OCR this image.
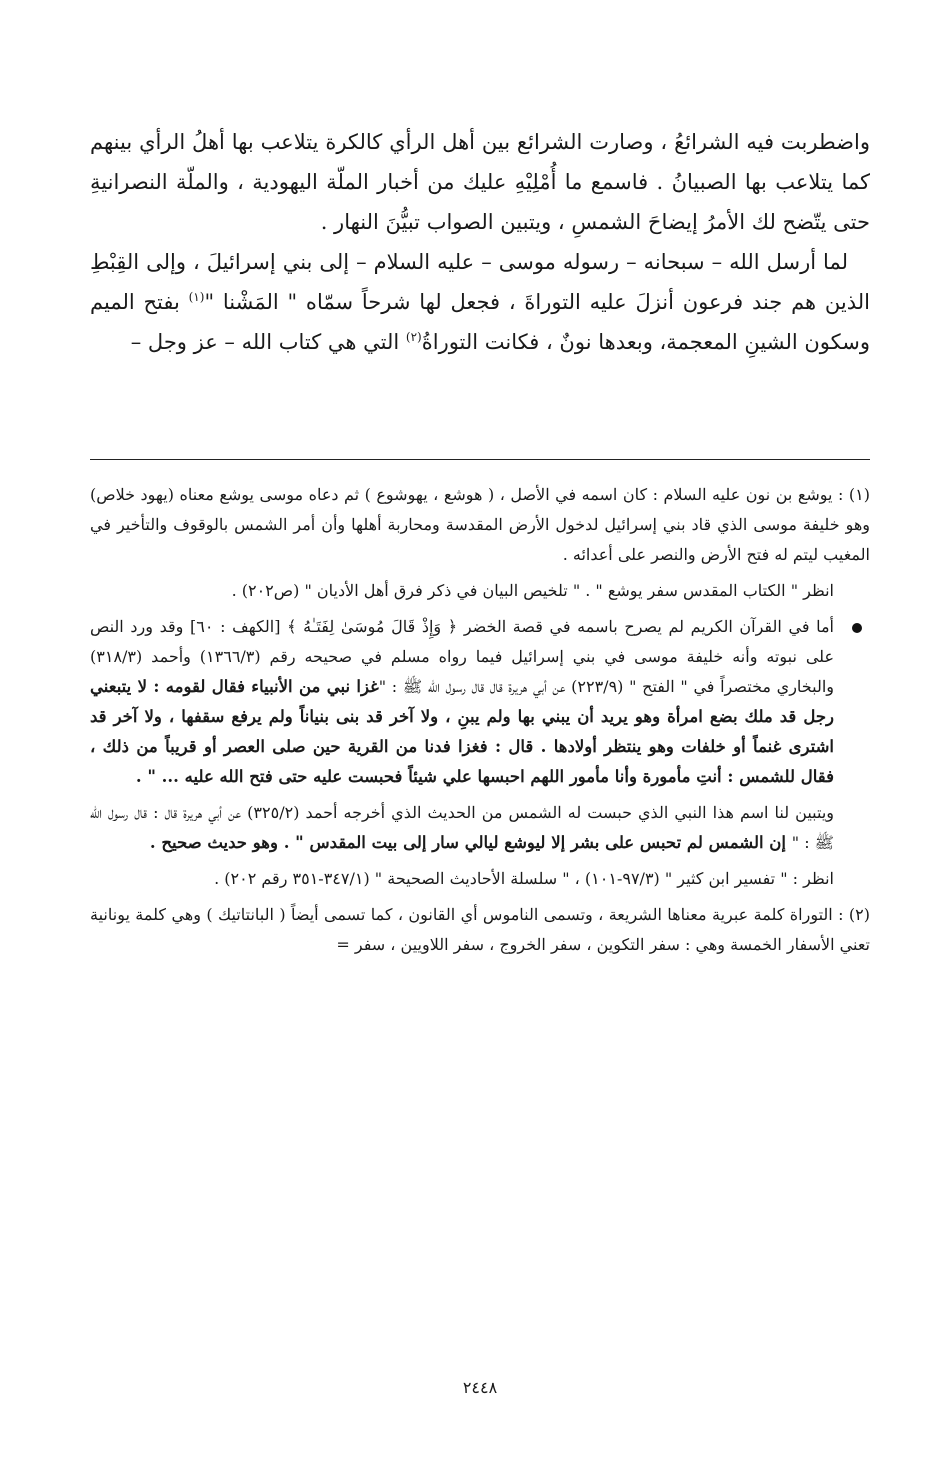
واضطربت فيه الشرائعُ ، وصارت الشرائع بين أهل الرأي كالكرة يتلاعب بها أهلُ الرأي بينهم كما يتلاعب بها الصبيانُ . فاسمع ما أُمْلِيْهِ عليك من أخبار الملّة اليهودية ، والملّة النصرانيةِ حتى يتّضح لك الأمرُ إيضاحَ الشمسِ ، ويتبين الصواب تبيُّنَ النهار .

لما أرسل الله – سبحانه – رسوله موسى – عليه السلام – إلى بني إسرائيلَ ، وإلى القِبْطِ الذين هم جند فرعون أنزلَ عليه التوراةَ ، فجعل لها شرحاً سمّاه " المَشْنا "$^{(١)}$ بفتح الميم وسكون الشينِ المعجمة، وبعدها نونٌ ، فكانت التوراةُ$^{(٢)}$ التي هي كتاب الله – عز وجل –

(١) : يوشع بن نون عليه السلام : كان اسمه في الأصل ، ( هوشع ، يهوشوع ) ثم دعاه موسى يوشع معناه (يهود خلاص) وهو خليفة موسى الذي قاد بني إسرائيل لدخول الأرض المقدسة ومحاربة أهلها وأن أمر الشمس بالوقوف والتأخير في المغيب ليتم له فتح الأرض والنصر على أعدائه .

انظر " الكتاب المقدس سفر يوشع " . " تلخيص البيان في ذكر فرق أهل الأديان " (ص٢٠٢) .

أما في القرآن الكريم لم يصرح باسمه في قصة الخضر ﴿ وَإِذْ قَالَ مُوسَىٰ لِفَتَـٰهُ ﴾ [الكهف : ٦٠] وقد ورد النص على نبوته وأنه خليفة موسى في بني إسرائيل فيما رواه مسلم في صحيحه رقم (١٣٦٦/٣) وأحمد (٣١٨/٣) والبخاري مختصراً في " الفتح " (٢٢٣/٩) عن أبي هريرة قال قال رسول الله ﷺ : "غزا نبي من الأنبياء فقال لقومه : لا يتبعني رجل قد ملك بضع امرأة وهو يريد أن يبني بها ولم يبنِ ، ولا آخر قد بنى بنياناً ولم يرفع سقفها ، ولا آخر قد اشترى غنماً أو خلفات وهو ينتظر أولادها . قال : فغزا فدنا من القرية حين صلى العصر أو قريباً من ذلك ، فقال للشمس : أنتِ مأمورة وأنا مأمور اللهم احبسها علي شيئاً فحبست عليه حتى فتح الله عليه ... " .

ويتبين لنا اسم هذا النبي الذي حبست له الشمس من الحديث الذي أخرجه أحمد (٣٢٥/٢) عن أبي هريرة قال : قال رسول الله ﷺ : " إن الشمس لم تحبس على بشر إلا ليوشع ليالي سار إلى بيت المقدس " . وهو حديث صحيح .

انظر : " تفسير ابن كثير " (٩٧/٣-١٠١) ، " سلسلة الأحاديث الصحيحة " (٣٤٧/١-٣٥١ رقم ٢٠٢) .

(٢) : التوراة كلمة عبرية معناها الشريعة ، وتسمى الناموس أي القانون ، كما تسمى أيضاً ( البانتاتيك ) وهي كلمة يونانية تعني الأسفار الخمسة وهي : سفر التكوين ، سفر الخروج ، سفر اللاويين ، سفر =

٢٤٤٨
